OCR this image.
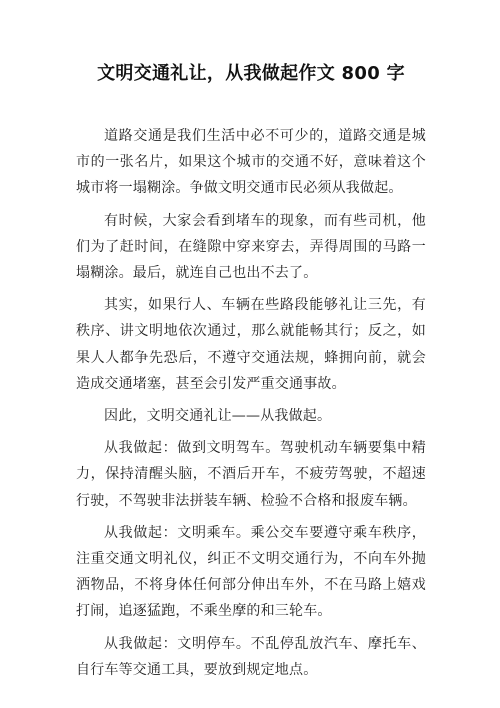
文明交通礼让，从我做起作文 800 字

道路交通是我们生活中必不可少的，道路交通是城市的一张名片，如果这个城市的交通不好，意味着这个城市将一塌糊涂。争做文明交通市民必须从我做起。

有时候，大家会看到堵车的现象，而有些司机，他们为了赶时间，在缝隙中穿来穿去，弄得周围的马路一塌糊涂。最后，就连自己也出不去了。

其实，如果行人、车辆在些路段能够礼让三先，有秩序、讲文明地依次通过，那么就能畅其行；反之，如果人人都争先恐后，不遵守交通法规，蜂拥向前，就会造成交通堵塞，甚至会引发严重交通事故。

因此，文明交通礼让——从我做起。

从我做起：做到文明驾车。驾驶机动车辆要集中精力，保持清醒头脑，不酒后开车，不疲劳驾驶，不超速行驶，不驾驶非法拼装车辆、检验不合格和报废车辆。

从我做起：文明乘车。乘公交车要遵守乘车秩序，注重交通文明礼仪，纠正不文明交通行为，不向车外抛洒物品，不将身体任何部分伸出车外，不在马路上嬉戏打闹，追逐猛跑，不乘坐摩的和三轮车。

从我做起：文明停车。不乱停乱放汽车、摩托车、自行车等交通工具，要放到规定地点。
